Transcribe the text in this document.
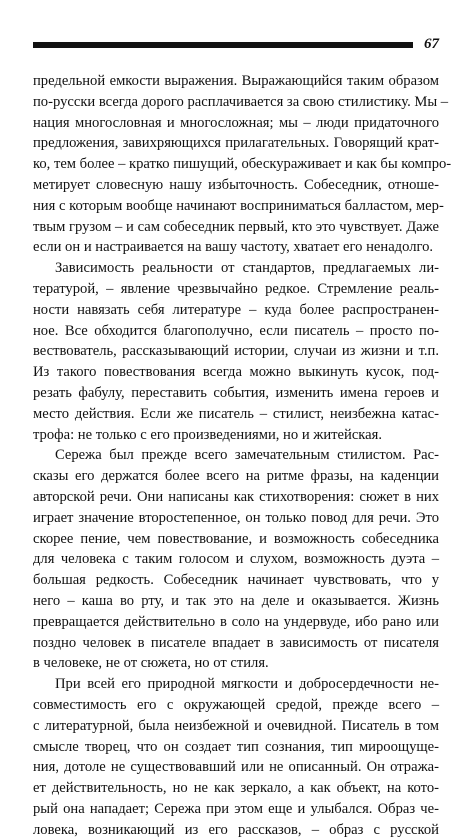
67

предельной емкости выражения. Выражающийся таким образом
по-русски всегда дорого расплачивается за свою стилистику. Мы –
нация многословная и многосложная; мы – люди придаточного
предложения, завихряющихся прилагательных. Говорящий крат-
ко, тем более – кратко пишущий, обескураживает и как бы компро-
метирует словесную нашу избыточность. Собеседник, отноше-
ния с которым вообще начинают восприниматься балластом, мер-
твым грузом – и сам собеседник первый, кто это чувствует. Даже
если он и настраивается на вашу частоту, хватает его ненадолго.

Зависимость реальности от стандартов, предлагаемых ли-
тературой, – явление чрезвычайно редкое. Стремление реаль-
ности навязать себя литературе – куда более распространен-
ное. Все обходится благополучно, если писатель – просто по-
вествователь, рассказывающий истории, случаи из жизни и т.п.
Из такого повествования всегда можно выкинуть кусок, под-
резать фабулу, переставить события, изменить имена героев и
место действия. Если же писатель – стилист, неизбежна катас-
трофа: не только с его произведениями, но и житейская.

Сережа был прежде всего замечательным стилистом. Рас-
сказы его держатся более всего на ритме фразы, на каденции
авторской речи. Они написаны как стихотворения: сюжет в них
играет значение второстепенное, он только повод для речи. Это
скорее пение, чем повествование, и возможность собеседника
для человека с таким голосом и слухом, возможность дуэта –
большая редкость. Собеседник начинает чувствовать, что у
него – каша во рту, и так это на деле и оказывается. Жизнь
превращается действительно в соло на ундервуде, ибо рано или
поздно человек в писателе впадает в зависимость от писателя
в человеке, не от сюжета, но от стиля.

При всей его природной мягкости и добросердечности не-
совместимость его с окружающей средой, прежде всего –
с литературной, была неизбежной и очевидной. Писатель в том
смысле творец, что он создает тип сознания, тип мироощуще-
ния, дотоле не существовавший или не описанный. Он отража-
ет действительность, но не как зеркало, а как объект, на кото-
рый она нападает; Сережа при этом еще и улыбался. Образ че-
ловека, возникающий из его рассказов, – образ с русской
